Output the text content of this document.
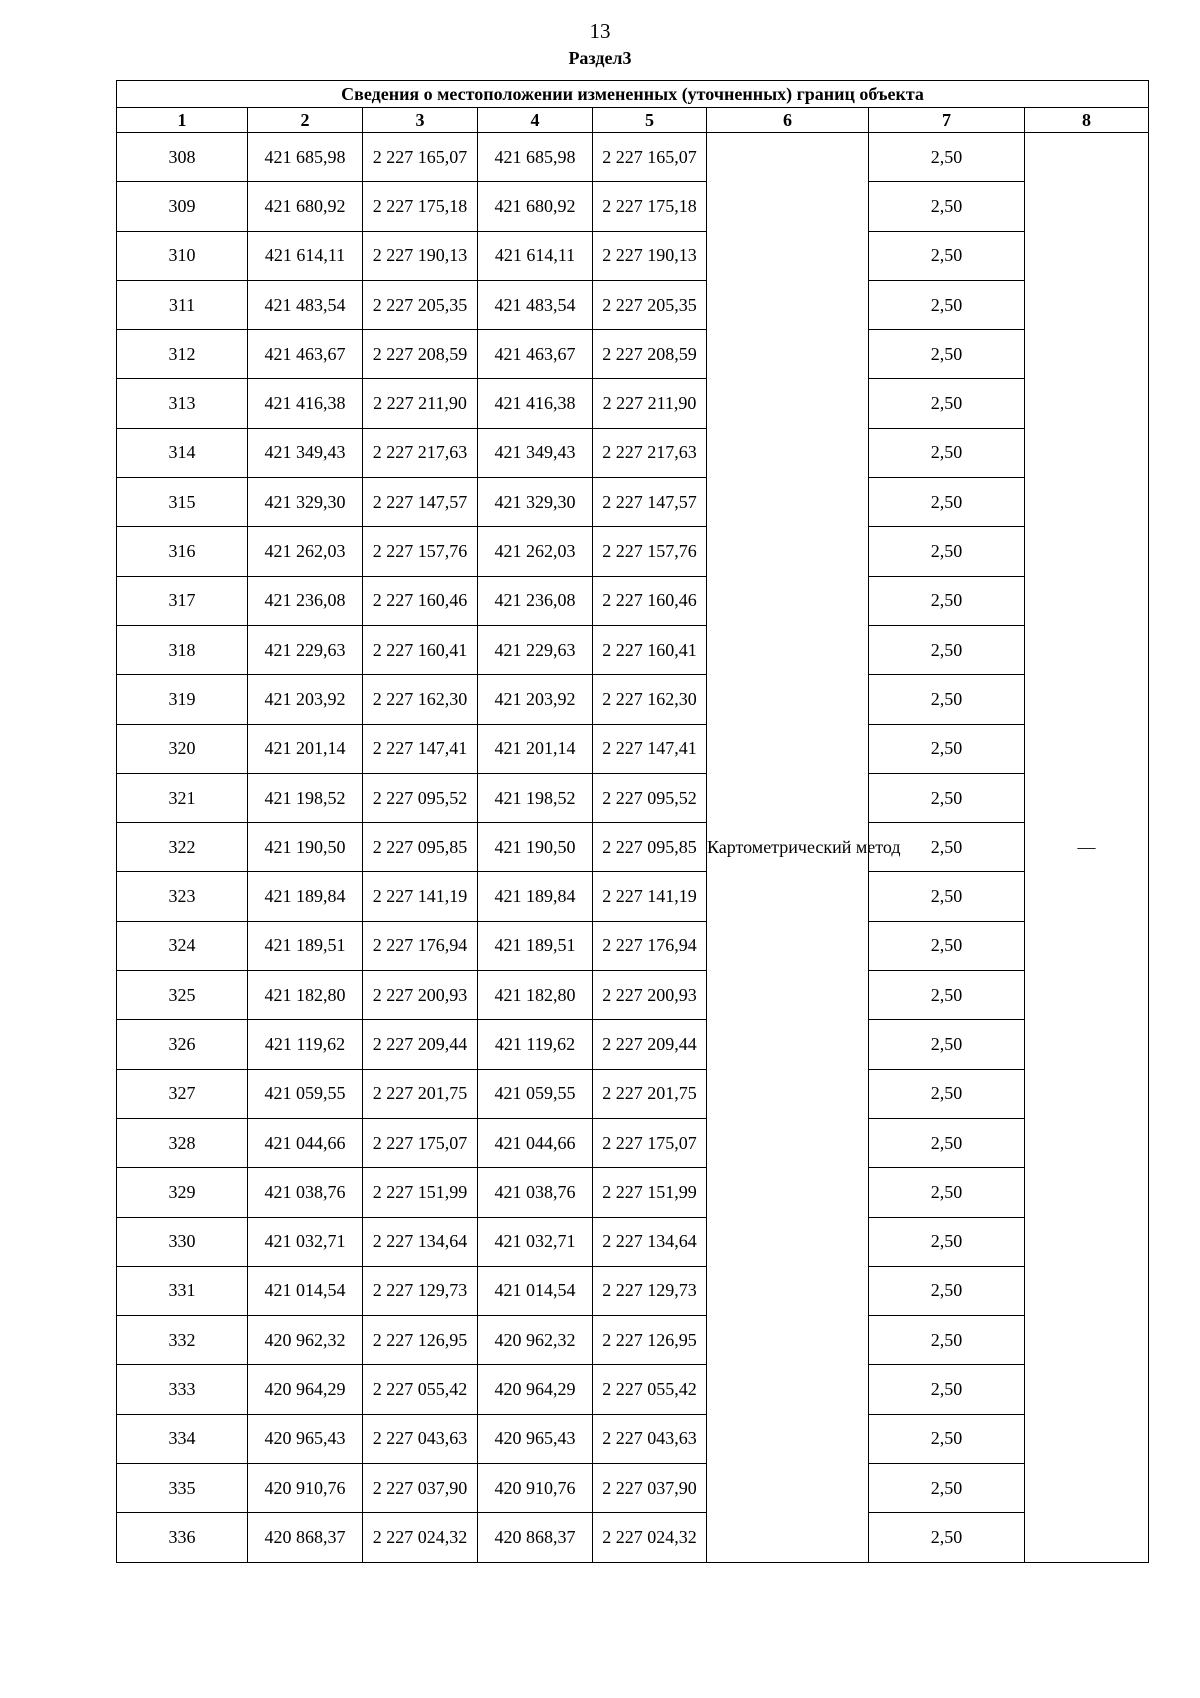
13
Раздел3
Сведения о местоположении измененных (уточненных) границ объекта							
1	2	3	4	5	6	7	8
308	421 685,98	2 227 165,07	421 685,98	2 227 165,07	Картометрический метод	2,50	—
309	421 680,92	2 227 175,18	421 680,92	2 227 175,18		2,50	
310	421 614,11	2 227 190,13	421 614,11	2 227 190,13		2,50	
311	421 483,54	2 227 205,35	421 483,54	2 227 205,35		2,50	
312	421 463,67	2 227 208,59	421 463,67	2 227 208,59		2,50	
313	421 416,38	2 227 211,90	421 416,38	2 227 211,90		2,50	
314	421 349,43	2 227 217,63	421 349,43	2 227 217,63		2,50	
315	421 329,30	2 227 147,57	421 329,30	2 227 147,57		2,50	
316	421 262,03	2 227 157,76	421 262,03	2 227 157,76		2,50	
317	421 236,08	2 227 160,46	421 236,08	2 227 160,46		2,50	
318	421 229,63	2 227 160,41	421 229,63	2 227 160,41		2,50	
319	421 203,92	2 227 162,30	421 203,92	2 227 162,30		2,50	
320	421 201,14	2 227 147,41	421 201,14	2 227 147,41		2,50	
321	421 198,52	2 227 095,52	421 198,52	2 227 095,52		2,50	
322	421 190,50	2 227 095,85	421 190,50	2 227 095,85		2,50	
323	421 189,84	2 227 141,19	421 189,84	2 227 141,19		2,50	
324	421 189,51	2 227 176,94	421 189,51	2 227 176,94		2,50	
325	421 182,80	2 227 200,93	421 182,80	2 227 200,93		2,50	
326	421 119,62	2 227 209,44	421 119,62	2 227 209,44		2,50	
327	421 059,55	2 227 201,75	421 059,55	2 227 201,75		2,50	
328	421 044,66	2 227 175,07	421 044,66	2 227 175,07		2,50	
329	421 038,76	2 227 151,99	421 038,76	2 227 151,99		2,50	
330	421 032,71	2 227 134,64	421 032,71	2 227 134,64		2,50	
331	421 014,54	2 227 129,73	421 014,54	2 227 129,73		2,50	
332	420 962,32	2 227 126,95	420 962,32	2 227 126,95		2,50	
333	420 964,29	2 227 055,42	420 964,29	2 227 055,42		2,50	
334	420 965,43	2 227 043,63	420 965,43	2 227 043,63		2,50	
335	420 910,76	2 227 037,90	420 910,76	2 227 037,90		2,50	
336	420 868,37	2 227 024,32	420 868,37	2 227 024,32		2,50	
